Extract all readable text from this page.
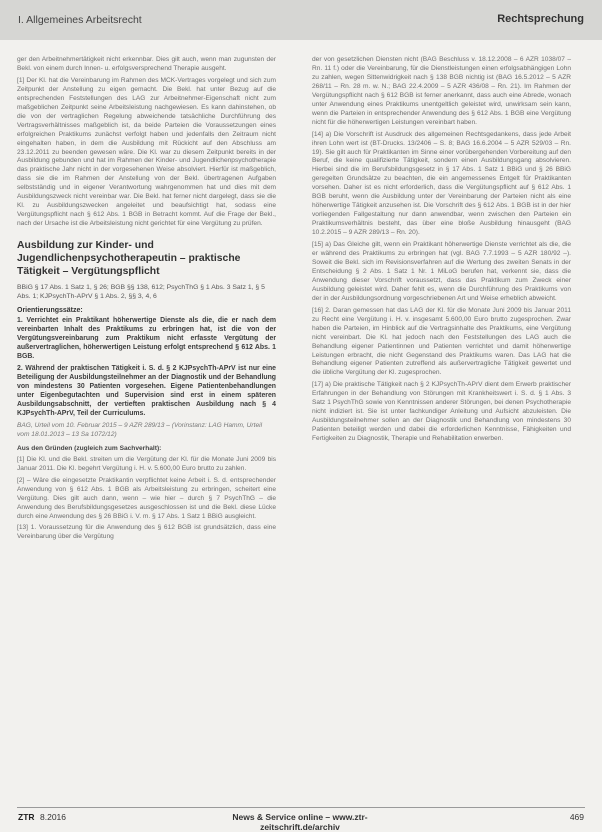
I. Allgemeines Arbeitsrecht	Rechtsprechung

ger den Arbeitnehmertätigkeit nicht erkennbar. Dies gilt auch, wenn man zugunsten der Bekl. von einem durch Innen- u. erfolgsversprechend Therapie ausgeht.

[1] Der Kl. hat die Vereinbarung im Rahmen des MCK-Vertrages vorgelegt und sich zum Zeitpunkt der Anstellung zu eigen gemacht. Die Bekl. hat unter Bezug auf die entsprechenden Feststellungen des LAG zur Arbeitnehmer-Eigenschaft nicht zum maßgeblichen Zeitpunkt seine Arbeitsleistung nachgewiesen. Es kann dahinstehen, ob die von der vertraglichen Regelung abweichende tatsächliche Durchführung des Vertragsverhältnisses maßgeblich ist, da beide Parteien die Voraussetzungen eines erfolgreichen Praktikums zunächst verfolgt haben und jedenfalls den Zeitraum nicht eingehalten haben, in dem die Ausbildung mit Rückicht auf den Abschluss am 23.12.2011 zu beenden gewesen wäre. Die Kl. war zu diesem Zeitpunkt bereits in der Ausbildung gebunden und hat im Rahmen der Kinder- und Jugendlichenpsychotherapie das praktische Jahr nicht in der vorgesehenen Weise absolviert. Hierfür ist maßgeblich, dass sie die im Rahmen der Anstellung von der Bekl. übertragenen Aufgaben selbstständig und in eigener Verantwortung wahrgenommen hat und dies mit dem Ausbildungszweck nicht vereinbar war. Die Bekl. hat ferner nicht dargelegt, dass sie die Kl. zu Ausbildungszwecken angeleitet und beaufsichtigt hat, sodass eine Vergütungspflicht nach § 612 Abs. 1 BGB in Betracht kommt. Auf die Frage der Bekl., nach der Ursache ist die Arbeitsleistung nicht gerichtet für eine Vergütung zu prüfen.

Ausbildung zur Kinder- und Jugendlichenpsychotherapeutin – praktische Tätigkeit – Vergütungspflicht
BBiG § 17 Abs. 1 Satz 1, § 26; BGB §§ 138, 612; PsychThG § 1 Abs. 3 Satz 1, § 5 Abs. 1; KJPsychTh-APrV § 1 Abs. 2, §§ 3, 4, 6
Orientierungssätze:

1. Verrichtet ein Praktikant höherwertige Dienste als die, die er nach dem vereinbarten Inhalt des Praktikums zu erbringen hat, ist die von der Vergütungsvereinbarung zum Praktikum nicht erfasste Vergütung der außervertraglichen, höherwertigen Leistung erfolgt entsprechend § 612 Abs. 1 BGB.

2. Während der praktischen Tätigkeit i. S. d. § 2 KJPsychTh-APrV ist nur eine Beteiligung der Ausbildungsteilnehmer an der Diagnostik und der Behandlung von mindestens 30 Patienten vorgesehen. Eigene Patientenbehandlungen unter Eigenbegutachten und Supervision sind erst in einem späteren Ausbildungsabschnitt, der vertieften praktischen Ausbildung nach § 4 KJPsychTh-APrV, Teil der Curriculums.

BAG, Urteil vom 10. Februar 2015 – 9 AZR 289/13 – (Vorinstanz: LAG Hamm, Urteil vom 18.01.2013 – 13 Sa 1072/12)
Aus den Gründen (zugleich zum Sachverhalt):

[1] Die Kl. und die Bekl. streiten um die Vergütung der Kl. für die Monate Juni 2009 bis Januar 2011. Die Kl. begehrt Vergütung i. H. v. 5.600,00 Euro brutto zu zahlen.

[2] – Wäre die eingesetzte Praktikantin verpflichtet keine Arbeit i. S. d. entsprechender Anwendung von § 612 Abs. 1 BGB als Arbeitsleistung zu erbringen, scheitert eine Vergütung. Dies gilt auch dann, wenn – wie hier – durch § 7 PsychThG – die Anwendung des Berufsbildungsgesetzes ausgeschlossen ist und die Bekl. diese Lücke durch eine Anwendung des § 26 BBiG i. V. m. § 17 Abs. 1 Satz 1 BBiG ausgleicht.

[13] 1. Voraussetzung für die Anwendung des § 612 BGB ist grundsätzlich, dass eine Vereinbarung über die Vergütung

der von gesetzlichen Diensten nicht (BAG Beschluss v. 18.12.2008 – 6 AZR 1038/07 – Rn. 11 f.) oder die Vereinbarung, für die Dienstleistungen einen erfolgsabhängigen Lohn zu zahlen, wegen Sittenwidrigkeit nach § 138 BGB nichtig ist (BAG 16.5.2012 – 5 AZR 268/11 – Rn. 28 m. w. N.; BAG 22.4.2009 – 5 AZR 436/08 – Rn. 21). Im Rahmen der Vergütungspflicht nach § 612 BGB ist ferner anerkannt, dass auch eine Abrede, wonach unter Anwendung eines Praktikums unentgeltlich geleistet wird, unwirksam sein kann, wenn die Parteien in entsprechender Anwendung des § 612 Abs. 1 BGB eine Vergütung nicht für die höherwertigen Leistungen vereinbart haben.

[14] a) Die Vorschrift ist Ausdruck des allgemeinen Rechtsgedankens, dass jede Arbeit ihren Lohn wert ist (BT-Drucks. 13/2406 – S. 8; BAG 16.6.2004 – 5 AZR 529/03 – Rn. 19). Sie gilt auch für Praktikanten im Sinne einer vorübergehenden Vorbereitung auf den Beruf, die keine qualifizierte Tätigkeit, sondern einen Ausbildungsgang absolvieren. Hierbei sind die im Berufsbildungsgesetz in § 17 Abs. 1 Satz 1 BBiG und § 26 BBiG geregelten Grundsätze zu beachten, die ein angemessenes Entgelt für Praktikanten vorsehen. Daher ist es nicht erforderlich, dass die Vergütungspflicht auf § 612 Abs. 1 BGB beruht, wenn die Ausbildung unter der Vereinbarung der Parteien nicht als eine höherwertige Tätigkeit anzusehen ist. Die Vorschrift des § 612 Abs. 1 BGB ist in der hier vorliegenden Fallgestaltung nur dann anwendbar, wenn zwischen den Parteien ein Praktikumsverhältnis besteht, das über eine bloße Ausbildung hinausgeht (BAG 10.2.2015 – 9 AZR 289/13 – Rn. 20).

[15] a) Das Gleiche gilt, wenn ein Praktikant höherwertige Dienste verrichtet als die, die er während des Praktikums zu erbringen hat (vgl. BAG 7.7.1993 – 5 AZR 180/92 –). Soweit die Bekl. sich im Revisionsverfahren auf die Wertung des zweiten Senats in der Entscheidung § 2 Abs. 1 Satz 1 Nr. 1 MiLoG berufen hat, verkennt sie, dass die Anwendung dieser Vorschrift voraussetzt, dass das Praktikum zum Zweck einer Ausbildung geleistet wird. Daher fehlt es, wenn die Durchführung des Praktikums von der in der Ausbildungsordnung vorgeschriebenen Art und Weise erheblich abweicht.

[16] 2. Daran gemessen hat das LAG der Kl. für die Monate Juni 2009 bis Januar 2011 zu Recht eine Vergütung i. H. v. insgesamt 5.600,00 Euro brutto zugesprochen. Zwar haben die Parteien, im Hinblick auf die Vertragsinhalte des Praktikums, eine Vergütung nicht vereinbart. Die Kl. hat jedoch nach den Feststellungen des LAG auch die Behandlung eigener Patientinnen und Patienten verrichtet und damit höherwertige Leistungen erbracht, die nicht Gegenstand des Praktikums waren. Das LAG hat die Behandlung eigener Patienten zutreffend als außervertragliche Tätigkeit gewertet und die übliche Vergütung der Kl. zugesprochen.

[17] a) Die praktische Tätigkeit nach § 2 KJPsychTh-APrV dient dem Erwerb praktischer Erfahrungen in der Behandlung von Störungen mit Krankheitswert i. S. d. § 1 Abs. 3 Satz 1 PsychThG sowie von Kenntnissen anderer Störungen, bei denen Psychotherapie nicht indiziert ist. Sie ist unter fachkundiger Anleitung und Aufsicht abzuleisten. Die Ausbildungsteilnehmer sollen an der Diagnostik und Behandlung von mindestens 30 Patienten beteiligt werden und dabei die erforderlichen Kenntnisse, Fähigkeiten und Fertigkeiten zu Diagnostik, Therapie und Rehabilitation erwerben.

ZTR 8.2016	News & Service online – www.ztr-zeitschrift.de/archiv
469
